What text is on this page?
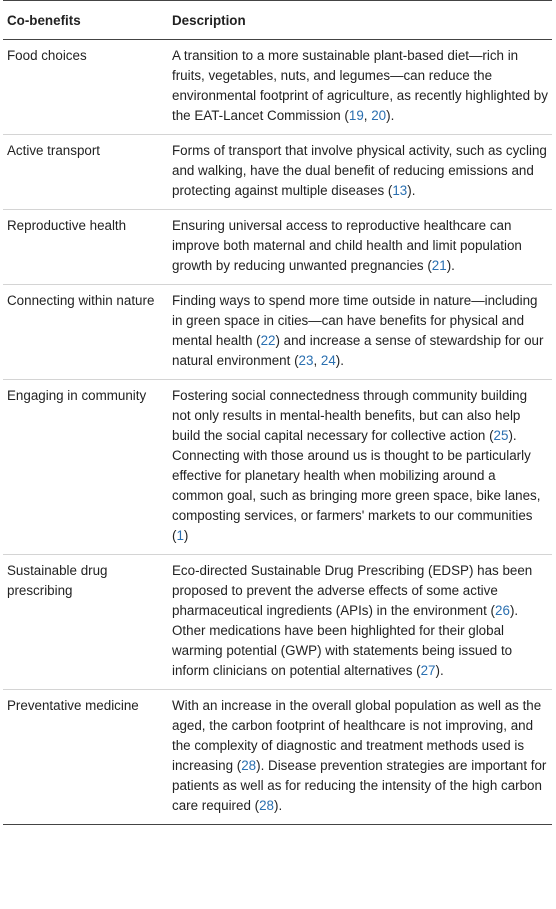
Co-benefits	Description
Food choices	A transition to a more sustainable plant-based diet—rich in fruits, vegetables, nuts, and legumes—can reduce the environmental footprint of agriculture, as recently highlighted by the EAT-Lancet Commission (19, 20).
Active transport	Forms of transport that involve physical activity, such as cycling and walking, have the dual benefit of reducing emissions and protecting against multiple diseases (13).
Reproductive health	Ensuring universal access to reproductive healthcare can improve both maternal and child health and limit population growth by reducing unwanted pregnancies (21).
Connecting within nature	Finding ways to spend more time outside in nature—including in green space in cities—can have benefits for physical and mental health (22) and increase a sense of stewardship for our natural environment (23, 24).
Engaging in community	Fostering social connectedness through community building not only results in mental-health benefits, but can also help build the social capital necessary for collective action (25). Connecting with those around us is thought to be particularly effective for planetary health when mobilizing around a common goal, such as bringing more green space, bike lanes, composting services, or farmers' markets to our communities (1)
Sustainable drug prescribing	Eco-directed Sustainable Drug Prescribing (EDSP) has been proposed to prevent the adverse effects of some active pharmaceutical ingredients (APIs) in the environment (26). Other medications have been highlighted for their global warming potential (GWP) with statements being issued to inform clinicians on potential alternatives (27).
Preventative medicine	With an increase in the overall global population as well as the aged, the carbon footprint of healthcare is not improving, and the complexity of diagnostic and treatment methods used is increasing (28). Disease prevention strategies are important for patients as well as for reducing the intensity of the high carbon care required (28).
